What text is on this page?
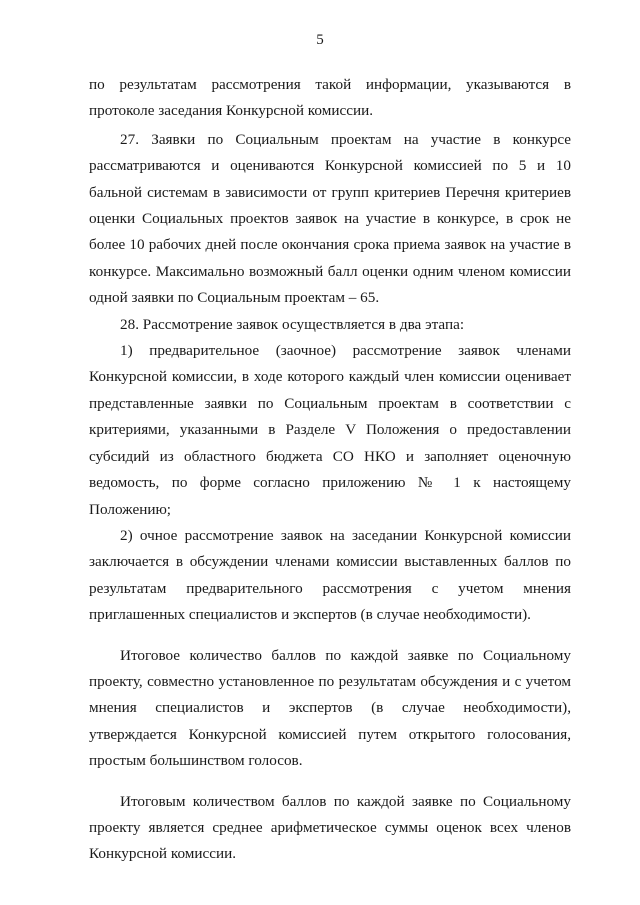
5

по результатам рассмотрения такой информации, указываются в протоколе заседания Конкурсной комиссии.

27. Заявки по Социальным проектам на участие в конкурсе рассматриваются и оцениваются Конкурсной комиссией по 5 и 10 бальной системам в зависимости от групп критериев Перечня критериев оценки Социальных проектов заявок на участие в конкурсе, в срок не более 10 рабочих дней после окончания срока приема заявок на участие в конкурсе. Максимально возможный балл оценки одним членом комиссии одной заявки по Социальным проектам – 65.

28. Рассмотрение заявок осуществляется в два этапа:

1) предварительное (заочное) рассмотрение заявок членами Конкурсной комиссии, в ходе которого каждый член комиссии оценивает представленные заявки по Социальным проектам в соответствии с критериями, указанными в Разделе V Положения о предоставлении субсидий из областного бюджета СО НКО и заполняет оценочную ведомость, по форме согласно приложению № 1 к настоящему Положению;

2) очное рассмотрение заявок на заседании Конкурсной комиссии заключается в обсуждении членами комиссии выставленных баллов по результатам предварительного рассмотрения с учетом мнения приглашенных специалистов и экспертов (в случае необходимости).

Итоговое количество баллов по каждой заявке по Социальному проекту, совместно установленное по результатам обсуждения и с учетом мнения специалистов и экспертов (в случае необходимости), утверждается Конкурсной комиссией путем открытого голосования, простым большинством голосов.

Итоговым количеством баллов по каждой заявке по Социальному проекту является среднее арифметическое суммы оценок всех членов Конкурсной комиссии.
